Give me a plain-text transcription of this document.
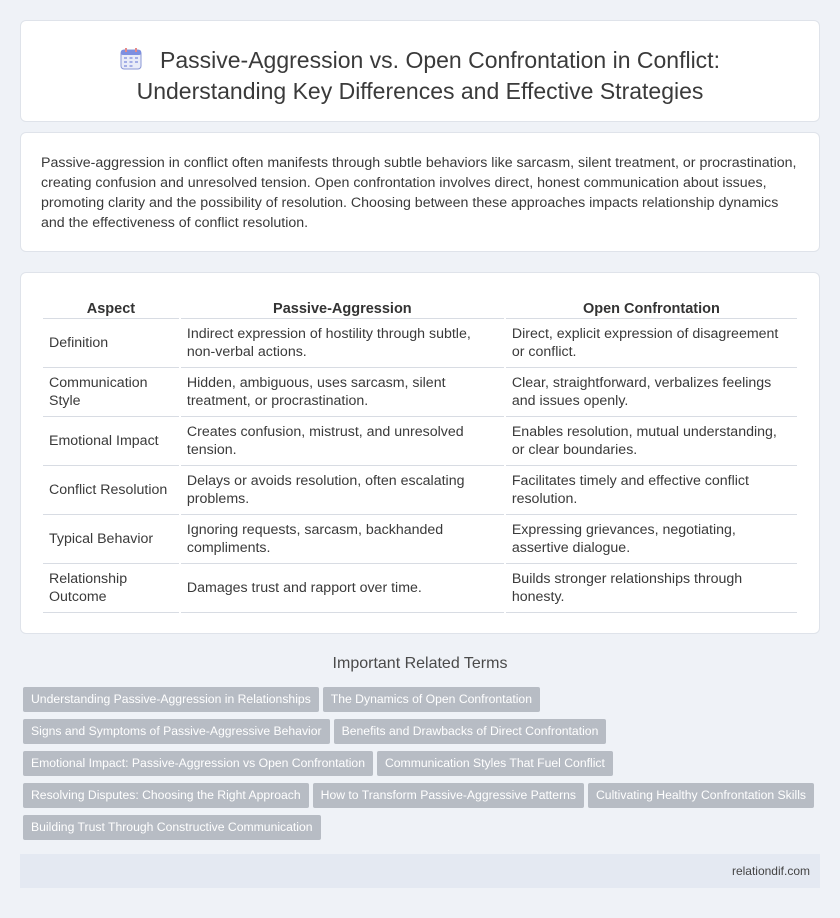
Passive-Aggression vs. Open Confrontation in Conflict:
Understanding Key Differences and Effective Strategies

Passive-aggression in conflict often manifests through subtle behaviors like sarcasm, silent treatment, or procrastination, creating confusion and unresolved tension. Open confrontation involves direct, honest communication about issues, promoting clarity and the possibility of resolution. Choosing between these approaches impacts relationship dynamics and the effectiveness of conflict resolution.

Aspect	Passive-Aggression	Open Confrontation
Definition	Indirect expression of hostility through subtle, non-verbal actions.	Direct, explicit expression of disagreement or conflict.
Communication Style	Hidden, ambiguous, uses sarcasm, silent treatment, or procrastination.	Clear, straightforward, verbalizes feelings and issues openly.
Emotional Impact	Creates confusion, mistrust, and unresolved tension.	Enables resolution, mutual understanding, or clear boundaries.
Conflict Resolution	Delays or avoids resolution, often escalating problems.	Facilitates timely and effective conflict resolution.
Typical Behavior	Ignoring requests, sarcasm, backhanded compliments.	Expressing grievances, negotiating, assertive dialogue.
Relationship Outcome	Damages trust and rapport over time.	Builds stronger relationships through honesty.
Important Related Terms
Understanding Passive-Aggression in Relationships The Dynamics of Open Confrontation
Signs and Symptoms of Passive-Aggressive Behavior Benefits and Drawbacks of Direct Confrontation
Emotional Impact: Passive-Aggression vs Open Confrontation Communication Styles That Fuel Conflict
Resolving Disputes: Choosing the Right Approach How to Transform Passive-Aggressive Patterns Cultivating Healthy Confrontation Skills
Building Trust Through Constructive Communication
relationdif.com
